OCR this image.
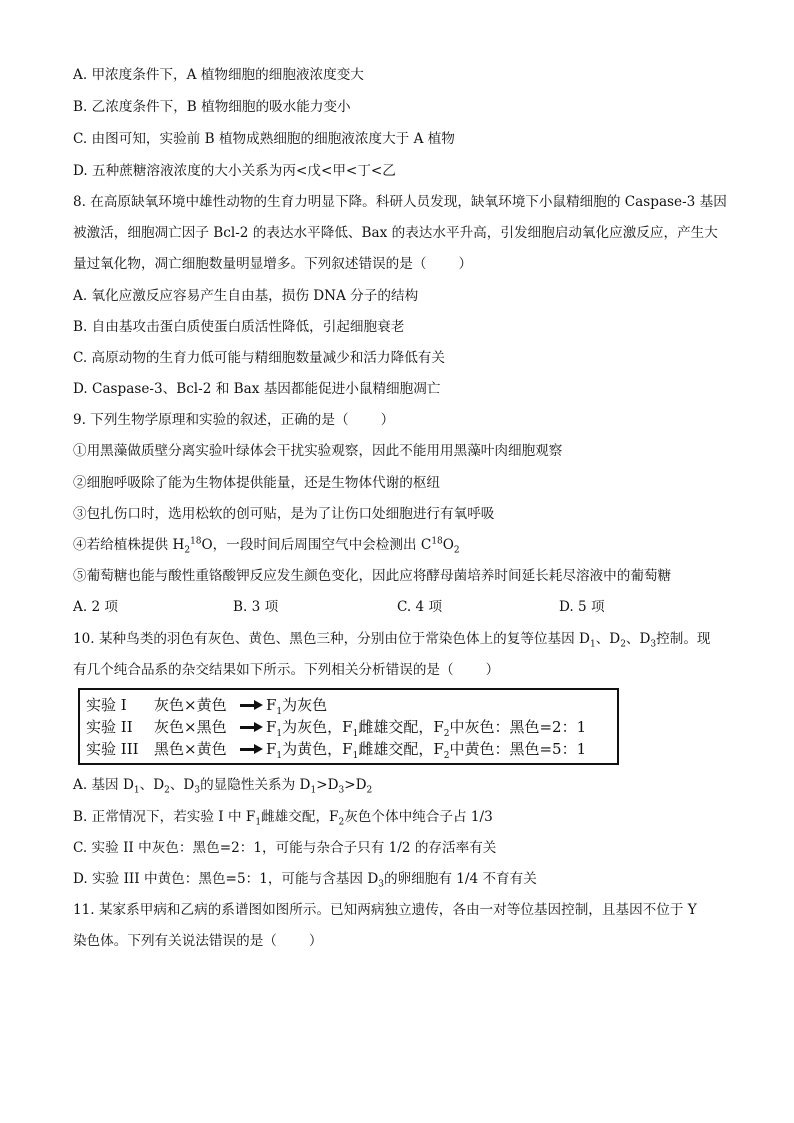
A. 甲浓度条件下，A 植物细胞的细胞液浓度变大
B. 乙浓度条件下，B 植物细胞的吸水能力变小
C. 由图可知，实验前 B 植物成熟细胞的细胞液浓度大于 A 植物
D. 五种蔗糖溶液浓度的大小关系为丙<戊<甲<丁<乙
8. 在高原缺氧环境中雄性动物的生育力明显下降。科研人员发现，缺氧环境下小鼠精细胞的 Caspase-3 基因
被激活，细胞凋亡因子 Bcl-2 的表达水平降低、Bax 的表达水平升高，引发细胞启动氧化应激反应，产生大
量过氧化物，凋亡细胞数量明显增多。下列叙述错误的是（ ）
A. 氧化应激反应容易产生自由基，损伤 DNA 分子的结构
B. 自由基攻击蛋白质使蛋白质活性降低，引起细胞衰老
C. 高原动物的生育力低可能与精细胞数量减少和活力降低有关
D. Caspase-3、Bcl-2 和 Bax 基因都能促进小鼠精细胞凋亡
9. 下列生物学原理和实验的叙述，正确的是（ ）
①用黑藻做质壁分离实验叶绿体会干扰实验观察，因此不能用用黑藻叶肉细胞观察
②细胞呼吸除了能为生物体提供能量，还是生物体代谢的枢纽
③包扎伤口时，选用松软的创可贴，是为了让伤口处细胞进行有氧呼吸
④若给植株提供 $H_2^{18}O$，一段时间后周围空气中会检测出 $C^{18}O_2$
⑤葡萄糖也能与酸性重铬酸钾反应发生颜色变化，因此应将酵母菌培养时间延长耗尽溶液中的葡萄糖
A. 2 项	B. 3 项	C. 4 项	D. 5 项
10. 某种鸟类的羽色有灰色、黄色、黑色三种，分别由位于常染色体上的复等位基因 $D_1$、$D_2$、$D_3$控制。现
有几个纯合品系的杂交结果如下所示。下列相关分析错误的是（ ）
实验 I	灰色×黄色	$F_1$为灰色
实验 II	灰色×黑色	$F_1$为灰色，$F_1$雌雄交配，$F_2$中灰色：黑色=2：1
实验 III	黑色×黄色	$F_1$为黄色，$F_1$雌雄交配，$F_2$中黄色：黑色=5：1
A. 基因 $D_1$、$D_2$、$D_3$的显隐性关系为 $D_1>D_3>D_2$
B. 正常情况下，若实验 I 中 $F_1$雌雄交配，$F_2$灰色个体中纯合子占 1/3
C. 实验 II 中灰色：黑色=2：1，可能与杂合子只有 1/2 的存活率有关
D. 实验 III 中黄色：黑色=5：1，可能与含基因 $D_3$的卵细胞有 1/4 不育有关
11. 某家系甲病和乙病的系谱图如图所示。已知两病独立遗传，各由一对等位基因控制，且基因不位于 Y
染色体。下列有关说法错误的是（ ）
